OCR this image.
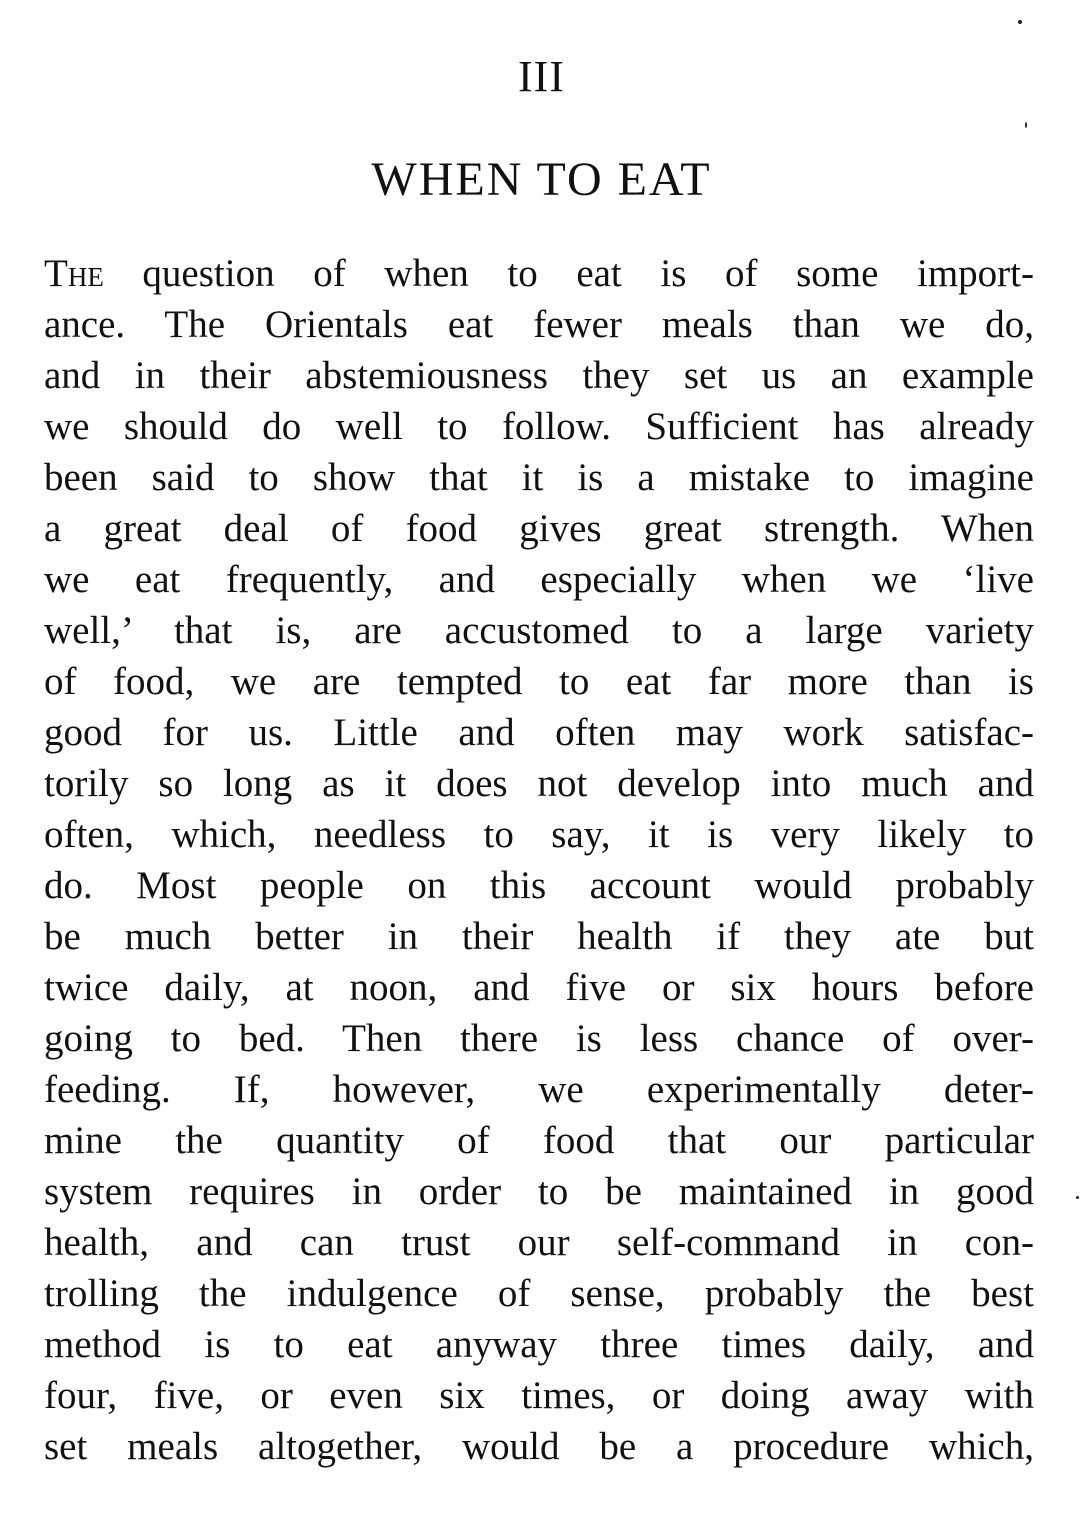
III
WHEN TO EAT
The question of when to eat is of some import-
ance. The Orientals eat fewer meals than we do,
and in their abstemiousness they set us an example
we should do well to follow. Sufficient has already
been said to show that it is a mistake to imagine
a great deal of food gives great strength. When
we eat frequently, and especially when we ‘live
well,’ that is, are accustomed to a large variety
of food, we are tempted to eat far more than is
good for us. Little and often may work satisfac-
torily so long as it does not develop into much and
often, which, needless to say, it is very likely to
do. Most people on this account would probably
be much better in their health if they ate but
twice daily, at noon, and five or six hours before
going to bed. Then there is less chance of over-
feeding. If, however, we experimentally deter-
mine the quantity of food that our particular
system requires in order to be maintained in good
health, and can trust our self-command in con-
trolling the indulgence of sense, probably the best
method is to eat anyway three times daily, and
four, five, or even six times, or doing away with
set meals altogether, would be a procedure which,
